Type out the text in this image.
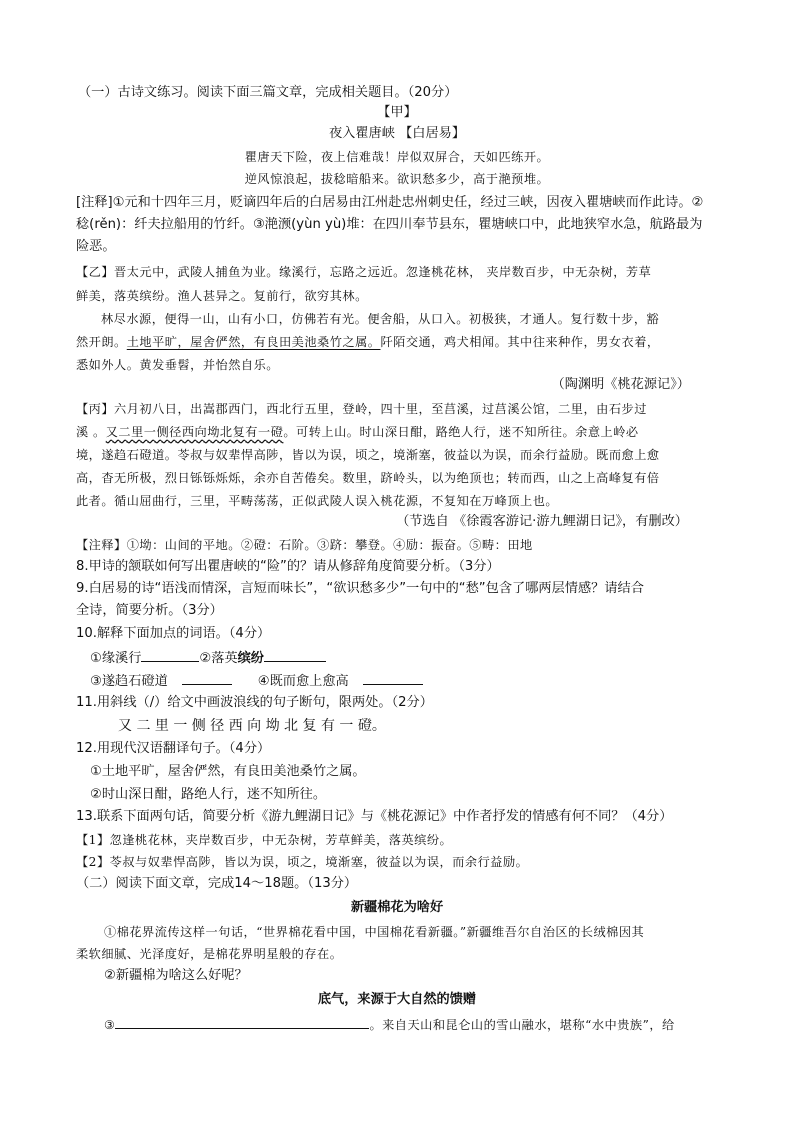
（一）古诗文练习。阅读下面三篇文章，完成相关题目。（20分）
【甲】
夜入瞿唐峡 【白居易】
瞿唐天下险，夜上信难哉！岸似双屏合，天如匹练开。
逆风惊浪起，拔稔暗船来。欲识愁多少，高于滟预堆。
[注释]①元和十四年三月，贬谪四年后的白居易由江州赴忠州刺史任，经过三峡，因夜入瞿塘峡而作此诗。②
稔(rěn)：纤夫拉船用的竹纤。③滟滪(yùn yù)堆：在四川奉节县东，瞿塘峡口中，此地狭窄水急，航路最为
险恶。
【乙】晋太元中，武陵人捕鱼为业。缘溪行，忘路之远近。忽逢桃花林， 夹岸数百步，中无杂树，芳草
鲜美，落英缤纷。渔人甚异之。复前行，欲穷其林。
林尽水源，便得一山，山有小口，仿佛若有光。便舍船，从口入。初极狭，才通人。复行数十步，豁
然开朗。土地平旷，屋舍俨然，有良田美池桑竹之属。阡陌交通，鸡犬相闻。其中往来种作，男女衣着，
悉如外人。黄发垂髫，并怡然自乐。
（陶渊明《桃花源记》）
【丙】六月初八日，出嵩郡西门，西北行五里，登岭，四十里，至莒溪，过莒溪公馆，二里，由石步过
溪 。又二里一侧径西向坳北复有一磴。可转上山。时山深日酣，路绝人行，迷不知所往。余意上岭必
境，遂趋石磴道。苓叔与奴辈悍高陟，皆以为误，顷之，境渐塞，彼益以为误，而余行益励。既而愈上愈
高，杳无所极，烈日铄铄烁烁，余亦自苦倦矣。数里，跻岭头，以为绝顶也；转而西，山之上高峰复有倍
此者。循山屈曲行，三里，平畴荡荡，正似武陵人误入桃花源，不复知在万峰顶上也。
（节选自 《徐霞客游记·游九鲤湖日记》，有删改）
【注释】①坳：山间的平地。②磴：石阶。③跻：攀登。④励：振奋。⑤畴：田地
8.甲诗的颔联如何写出瞿唐峡的“险”的？请从修辞角度简要分析。（3分）
9.白居易的诗“语浅而情深，言短而味长”，“欲识愁多少”一句中的“愁”包含了哪两层情感？请结合
全诗，简要分析。（3分）
10.解释下面加点的词语。（4分）
①缘溪行	②落英缤纷
③遂趋石磴道	④既而愈上愈高
11.用斜线（/）给文中画波浪线的句子断句，限两处。（2分）
又 二 里 一 侧 径 西 向 坳 北 复 有 一 磴。
12.用现代汉语翻译句子。（4分）
①土地平旷，屋舍俨然，有良田美池桑竹之属。
②时山深日酣，路绝人行，迷不知所往。
13.联系下面两句话，简要分析《游九鲤湖日记》与《桃花源记》中作者抒发的情感有何不同？（4分）
【1】忽逢桃花林，夹岸数百步，中无杂树，芳草鲜美，落英缤纷。
【2】苓叔与奴辈悍高陟，皆以为误，顷之，境渐塞，彼益以为误，而余行益励。
（二）阅读下面文章，完成14～18题。（13分）
新疆棉花为啥好
①棉花界流传这样一句话，“世界棉花看中国，中国棉花看新疆。”新疆维吾尔自治区的长绒棉因其
柔软细腻、光泽度好，是棉花界明星般的存在。
②新疆棉为啥这么好呢？
底气，来源于大自然的馈赠
③	。来自天山和昆仑山的雪山融水，堪称“水中贵族”，给
